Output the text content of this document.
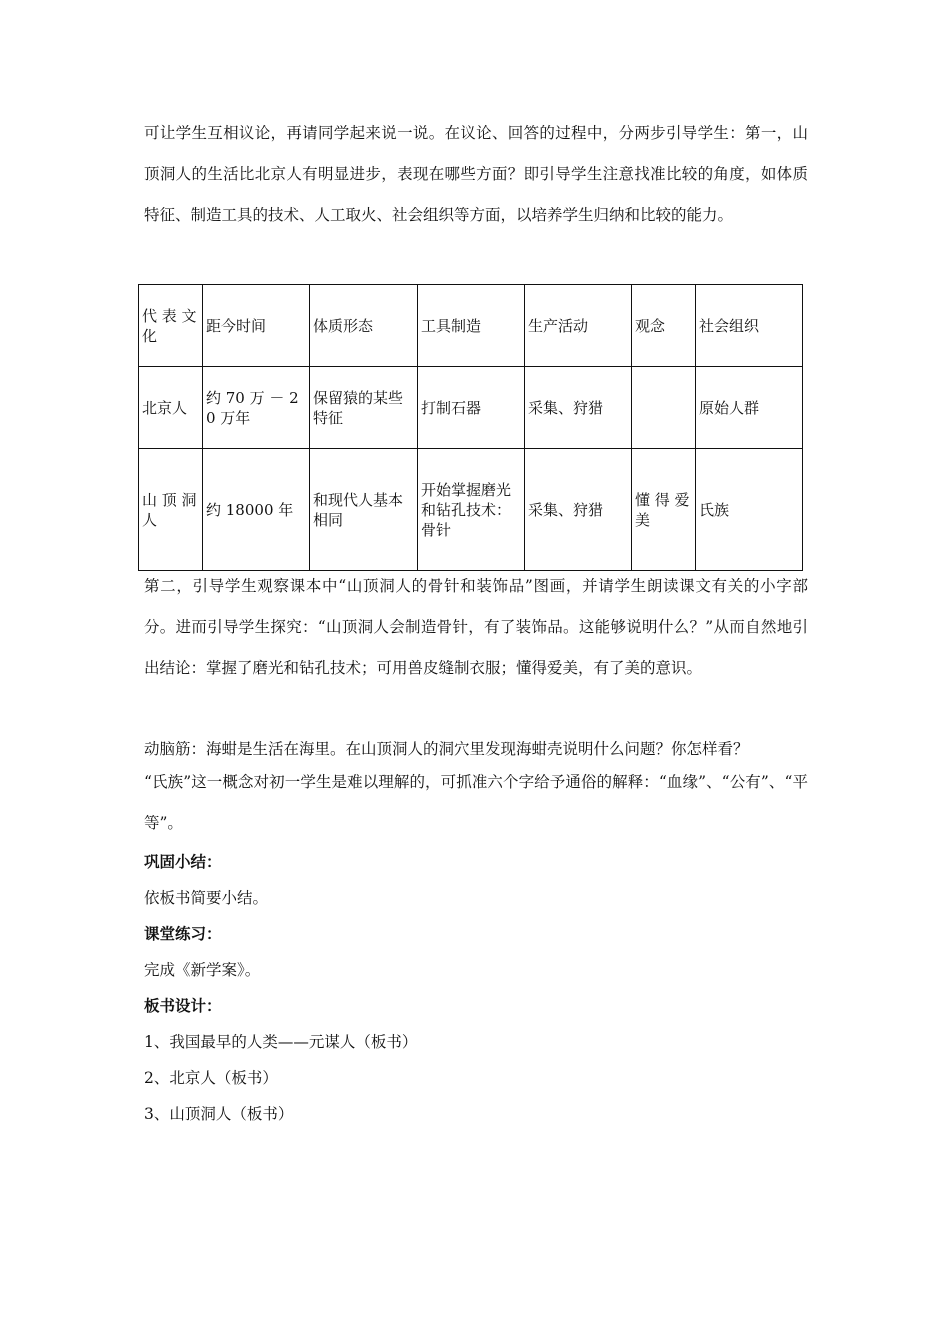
可让学生互相议论，再请同学起来说一说。在议论、回答的过程中，分两步引导学生：第一，山顶洞人的生活比北京人有明显进步，表现在哪些方面？即引导学生注意找准比较的角度，如体质特征、制造工具的技术、人工取火、社会组织等方面，以培养学生归纳和比较的能力。

代 表 文 化	距今时间	体质形态	工具制造	生产活动	观念	社会组织
北京人	约 70 万 － 20 万年	保留猿的某些特征	打制石器	采集、狩猎		原始人群
山 顶 洞 人	约 18000 年	和现代人基本相同	开始掌握磨光和钻孔技术：骨针	采集、狩猎	懂 得 爱 美	氏族

第二，引导学生观察课本中“山顶洞人的骨针和装饰品”图画，并请学生朗读课文有关的小字部分。进而引导学生探究：“山顶洞人会制造骨针，有了装饰品。这能够说明什么？”从而自然地引出结论：掌握了磨光和钻孔技术；可用兽皮缝制衣服；懂得爱美，有了美的意识。

动脑筋：海蚶是生活在海里。在山顶洞人的洞穴里发现海蚶壳说明什么问题？你怎样看？

“氏族”这一概念对初一学生是难以理解的，可抓准六个字给予通俗的解释：“血缘”、“公有”、“平等”。

巩固小结：

依板书简要小结。

课堂练习：

完成《新学案》。

板书设计：

1、我国最早的人类——元谋人（板书）

2、北京人（板书）

3、山顶洞人（板书）
